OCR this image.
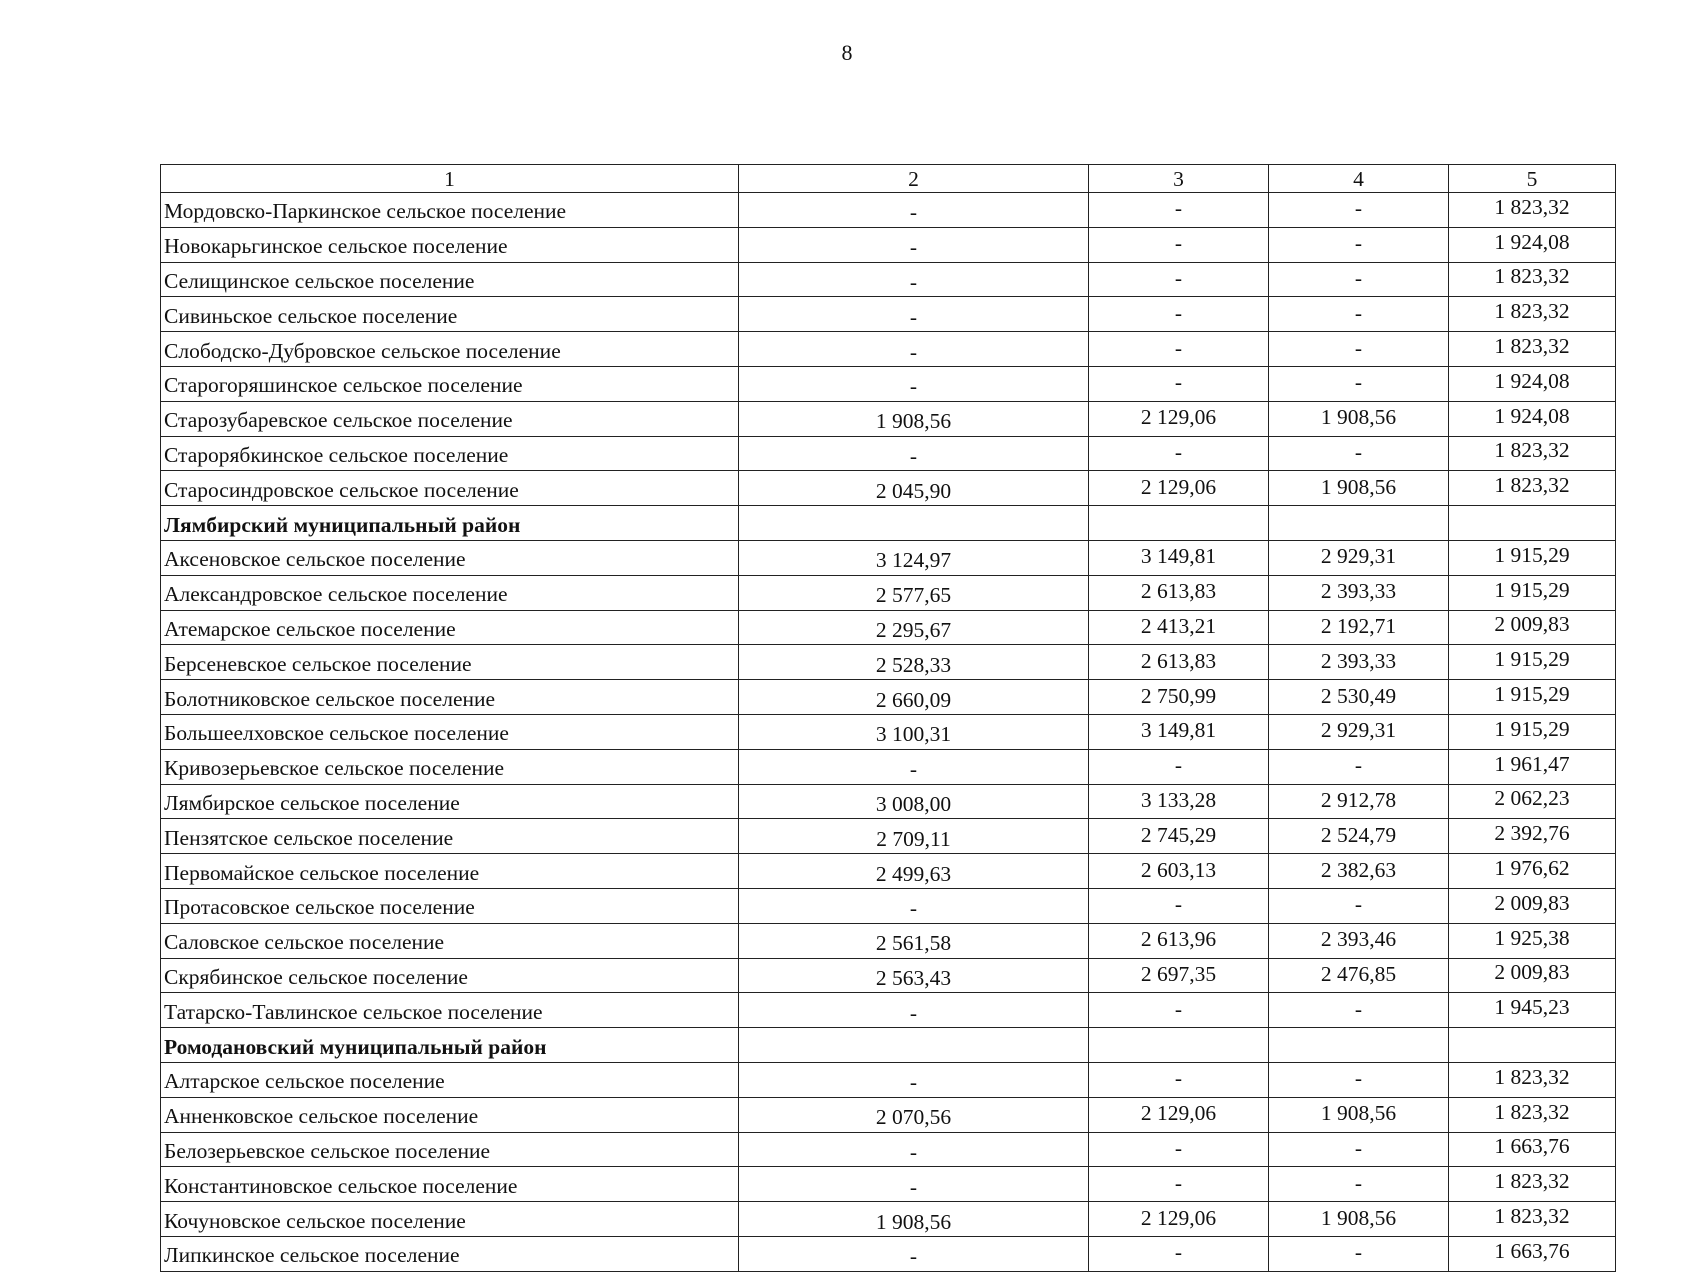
8
1	2	3	4	5
Мордовско-Паркинское сельское поселение	-	-	-	1 823,32
Новокарьгинское сельское поселение	-	-	-	1 924,08
Селищинское сельское поселение	-	-	-	1 823,32
Сивиньское сельское поселение	-	-	-	1 823,32
Слободско-Дубровское сельское поселение	-	-	-	1 823,32
Старогоряшинское сельское поселение	-	-	-	1 924,08
Старозубаревское сельское поселение	1 908,56	2 129,06	1 908,56	1 924,08
Старорябкинское сельское поселение	-	-	-	1 823,32
Старосиндровское сельское поселение	2 045,90	2 129,06	1 908,56	1 823,32
Лямбирский муниципальный район				
Аксеновское сельское поселение	3 124,97	3 149,81	2 929,31	1 915,29
Александровское сельское поселение	2 577,65	2 613,83	2 393,33	1 915,29
Атемарское сельское поселение	2 295,67	2 413,21	2 192,71	2 009,83
Берсеневское сельское поселение	2 528,33	2 613,83	2 393,33	1 915,29
Болотниковское сельское поселение	2 660,09	2 750,99	2 530,49	1 915,29
Большеелховское сельское поселение	3 100,31	3 149,81	2 929,31	1 915,29
Кривозерьевское сельское поселение	-	-	-	1 961,47
Лямбирское сельское поселение	3 008,00	3 133,28	2 912,78	2 062,23
Пензятское сельское поселение	2 709,11	2 745,29	2 524,79	2 392,76
Первомайское сельское поселение	2 499,63	2 603,13	2 382,63	1 976,62
Протасовское сельское поселение	-	-	-	2 009,83
Саловское сельское поселение	2 561,58	2 613,96	2 393,46	1 925,38
Скрябинское сельское поселение	2 563,43	2 697,35	2 476,85	2 009,83
Татарско-Тавлинское сельское поселение	-	-	-	1 945,23
Ромодановский муниципальный район				
Алтарское сельское поселение	-	-	-	1 823,32
Анненковское сельское поселение	2 070,56	2 129,06	1 908,56	1 823,32
Белозерьевское сельское поселение	-	-	-	1 663,76
Константиновское сельское поселение	-	-	-	1 823,32
Кочуновское сельское поселение	1 908,56	2 129,06	1 908,56	1 823,32
Липкинское сельское поселение	-	-	-	1 663,76
